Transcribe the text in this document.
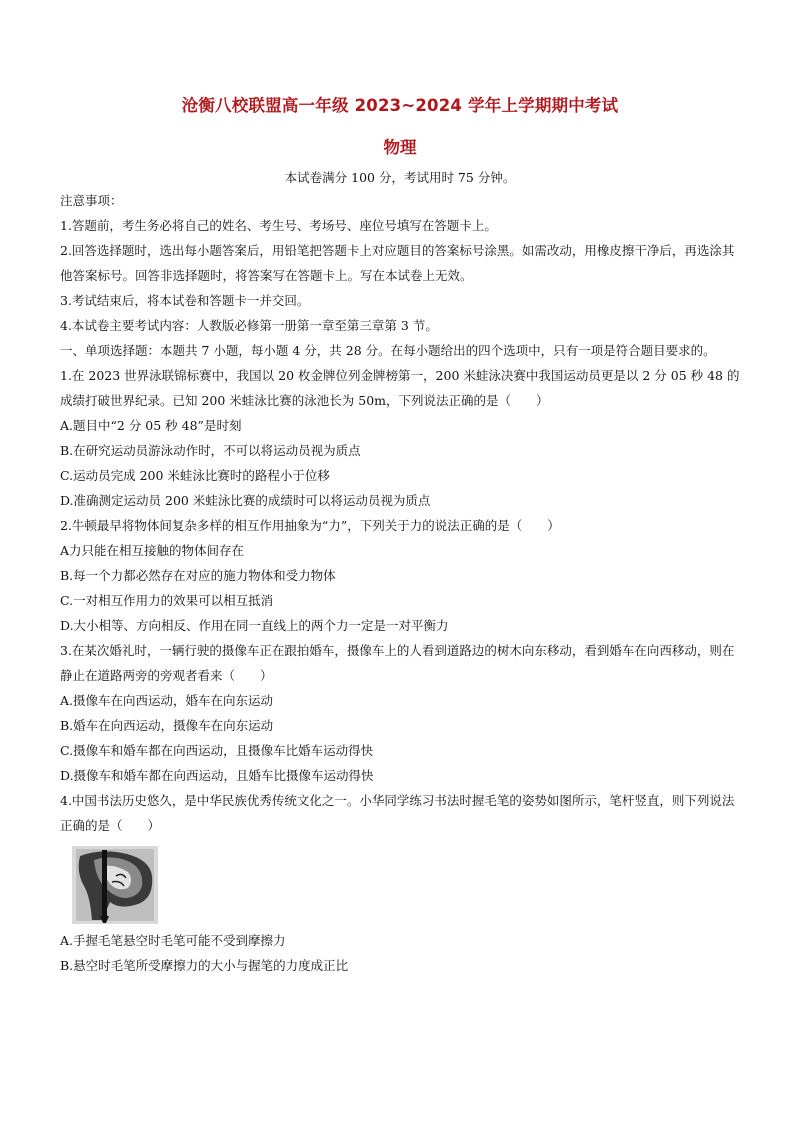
沧衡八校联盟高一年级 2023~2024 学年上学期期中考试
物理
本试卷满分 100 分，考试用时 75 分钟。

注意事项：

1.答题前，考生务必将自己的姓名、考生号、考场号、座位号填写在答题卡上。

2.回答选择题时，选出每小题答案后，用铅笔把答题卡上对应题目的答案标号涂黑。如需改动，用橡皮擦干净后，再选涂其他答案标号。回答非选择题时，将答案写在答题卡上。写在本试卷上无效。

3.考试结束后，将本试卷和答题卡一并交回。

4.本试卷主要考试内容：人教版必修第一册第一章至第三章第 3 节。

一、单项选择题：本题共 7 小题，每小题 4 分，共 28 分。在每小题给出的四个选项中，只有一项是符合题目要求的。

1.在 2023 世界泳联锦标赛中，我国以 20 枚金牌位列金牌榜第一，200 米蛙泳决赛中我国运动员更是以 2 分 05 秒 48 的成绩打破世界纪录。已知 200 米蛙泳比赛的泳池长为 50m，下列说法正确的是（　　）

A.题目中“2 分 05 秒 48”是时刻

B.在研究运动员游泳动作时，不可以将运动员视为质点

C.运动员完成 200 米蛙泳比赛时的路程小于位移

D.准确测定运动员 200 米蛙泳比赛的成绩时可以将运动员视为质点

2.牛顿最早将物体间复杂多样的相互作用抽象为“力”，下列关于力的说法正确的是（　　）

A力只能在相互接触的物体间存在

B.每一个力都必然存在对应的施力物体和受力物体

C.一对相互作用力的效果可以相互抵消

D.大小相等、方向相反、作用在同一直线上的两个力一定是一对平衡力

3.在某次婚礼时，一辆行驶的摄像车正在跟拍婚车，摄像车上的人看到道路边的树木向东移动，看到婚车在向西移动，则在静止在道路两旁的旁观者看来（　　）

A.摄像车在向西运动，婚车在向东运动

B.婚车在向西运动，摄像车在向东运动

C.摄像车和婚车都在向西运动，且摄像车比婚车运动得快

D.摄像车和婚车都在向西运动，且婚车比摄像车运动得快

4.中国书法历史悠久，是中华民族优秀传统文化之一。小华同学练习书法时握毛笔的姿势如图所示，笔杆竖直，则下列说法正确的是（　　）

A.手握毛笔悬空时毛笔可能不受到摩擦力

B.悬空时毛笔所受摩擦力的大小与握笔的力度成正比
